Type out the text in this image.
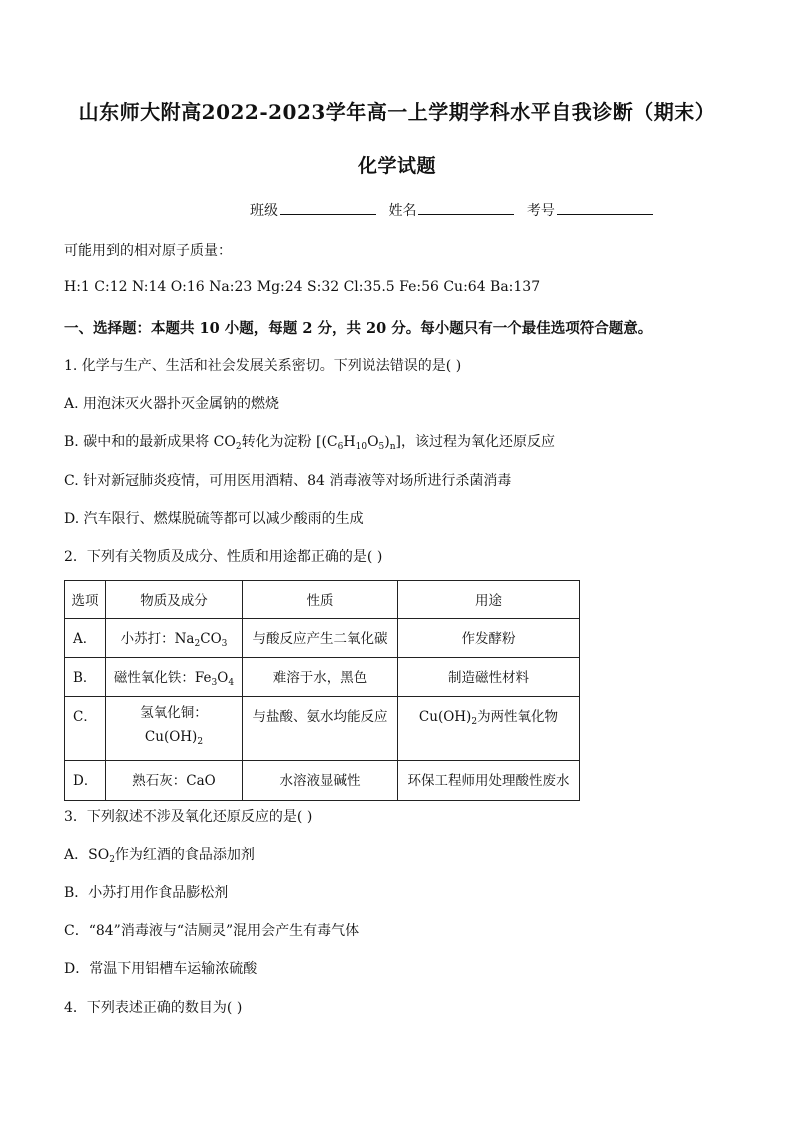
山东师大附高2022-2023学年高一上学期学科水平自我诊断（期末）
化学试题
班级	姓名	考号
可能用到的相对原子质量：
H:1 C:12 N:14 O:16 Na:23 Mg:24 S:32 Cl:35.5 Fe:56 Cu:64 Ba:137
一、选择题：本题共 10 小题，每题 2 分，共 20 分。每小题只有一个最佳选项符合题意。
1. 化学与生产、生活和社会发展关系密切。下列说法错误的是( )
A. 用泡沫灭火器扑灭金属钠的燃烧
B. 碳中和的最新成果将 $CO_2$转化为淀粉 $[(C_6H_{10}O_5)_n]$，该过程为氧化还原反应
C. 针对新冠肺炎疫情，可用医用酒精、84 消毒液等对场所进行杀菌消毒
D. 汽车限行、燃煤脱硫等都可以减少酸雨的生成
2．下列有关物质及成分、性质和用途都正确的是( )
选项	物质及成分	性质	用途
A．	小苏打：$Na_2CO_3$	与酸反应产生二氧化碳	作发酵粉
B．	磁性氧化铁：$Fe_3O_4$	难溶于水，黑色	制造磁性材料
C．	氢氧化铜：
$Cu(OH)_2$	与盐酸、氨水均能反应	$Cu(OH)_2$为两性氧化物
D．	熟石灰：CaO	水溶液显碱性	环保工程师用处理酸性废水
3．下列叙述不涉及氧化还原反应的是( )
A．$SO_2$作为红酒的食品添加剂
B．小苏打用作食品膨松剂
C．“84”消毒液与“洁厕灵”混用会产生有毒气体
D．常温下用铝槽车运输浓硫酸
4．下列表述正确的数目为( )
